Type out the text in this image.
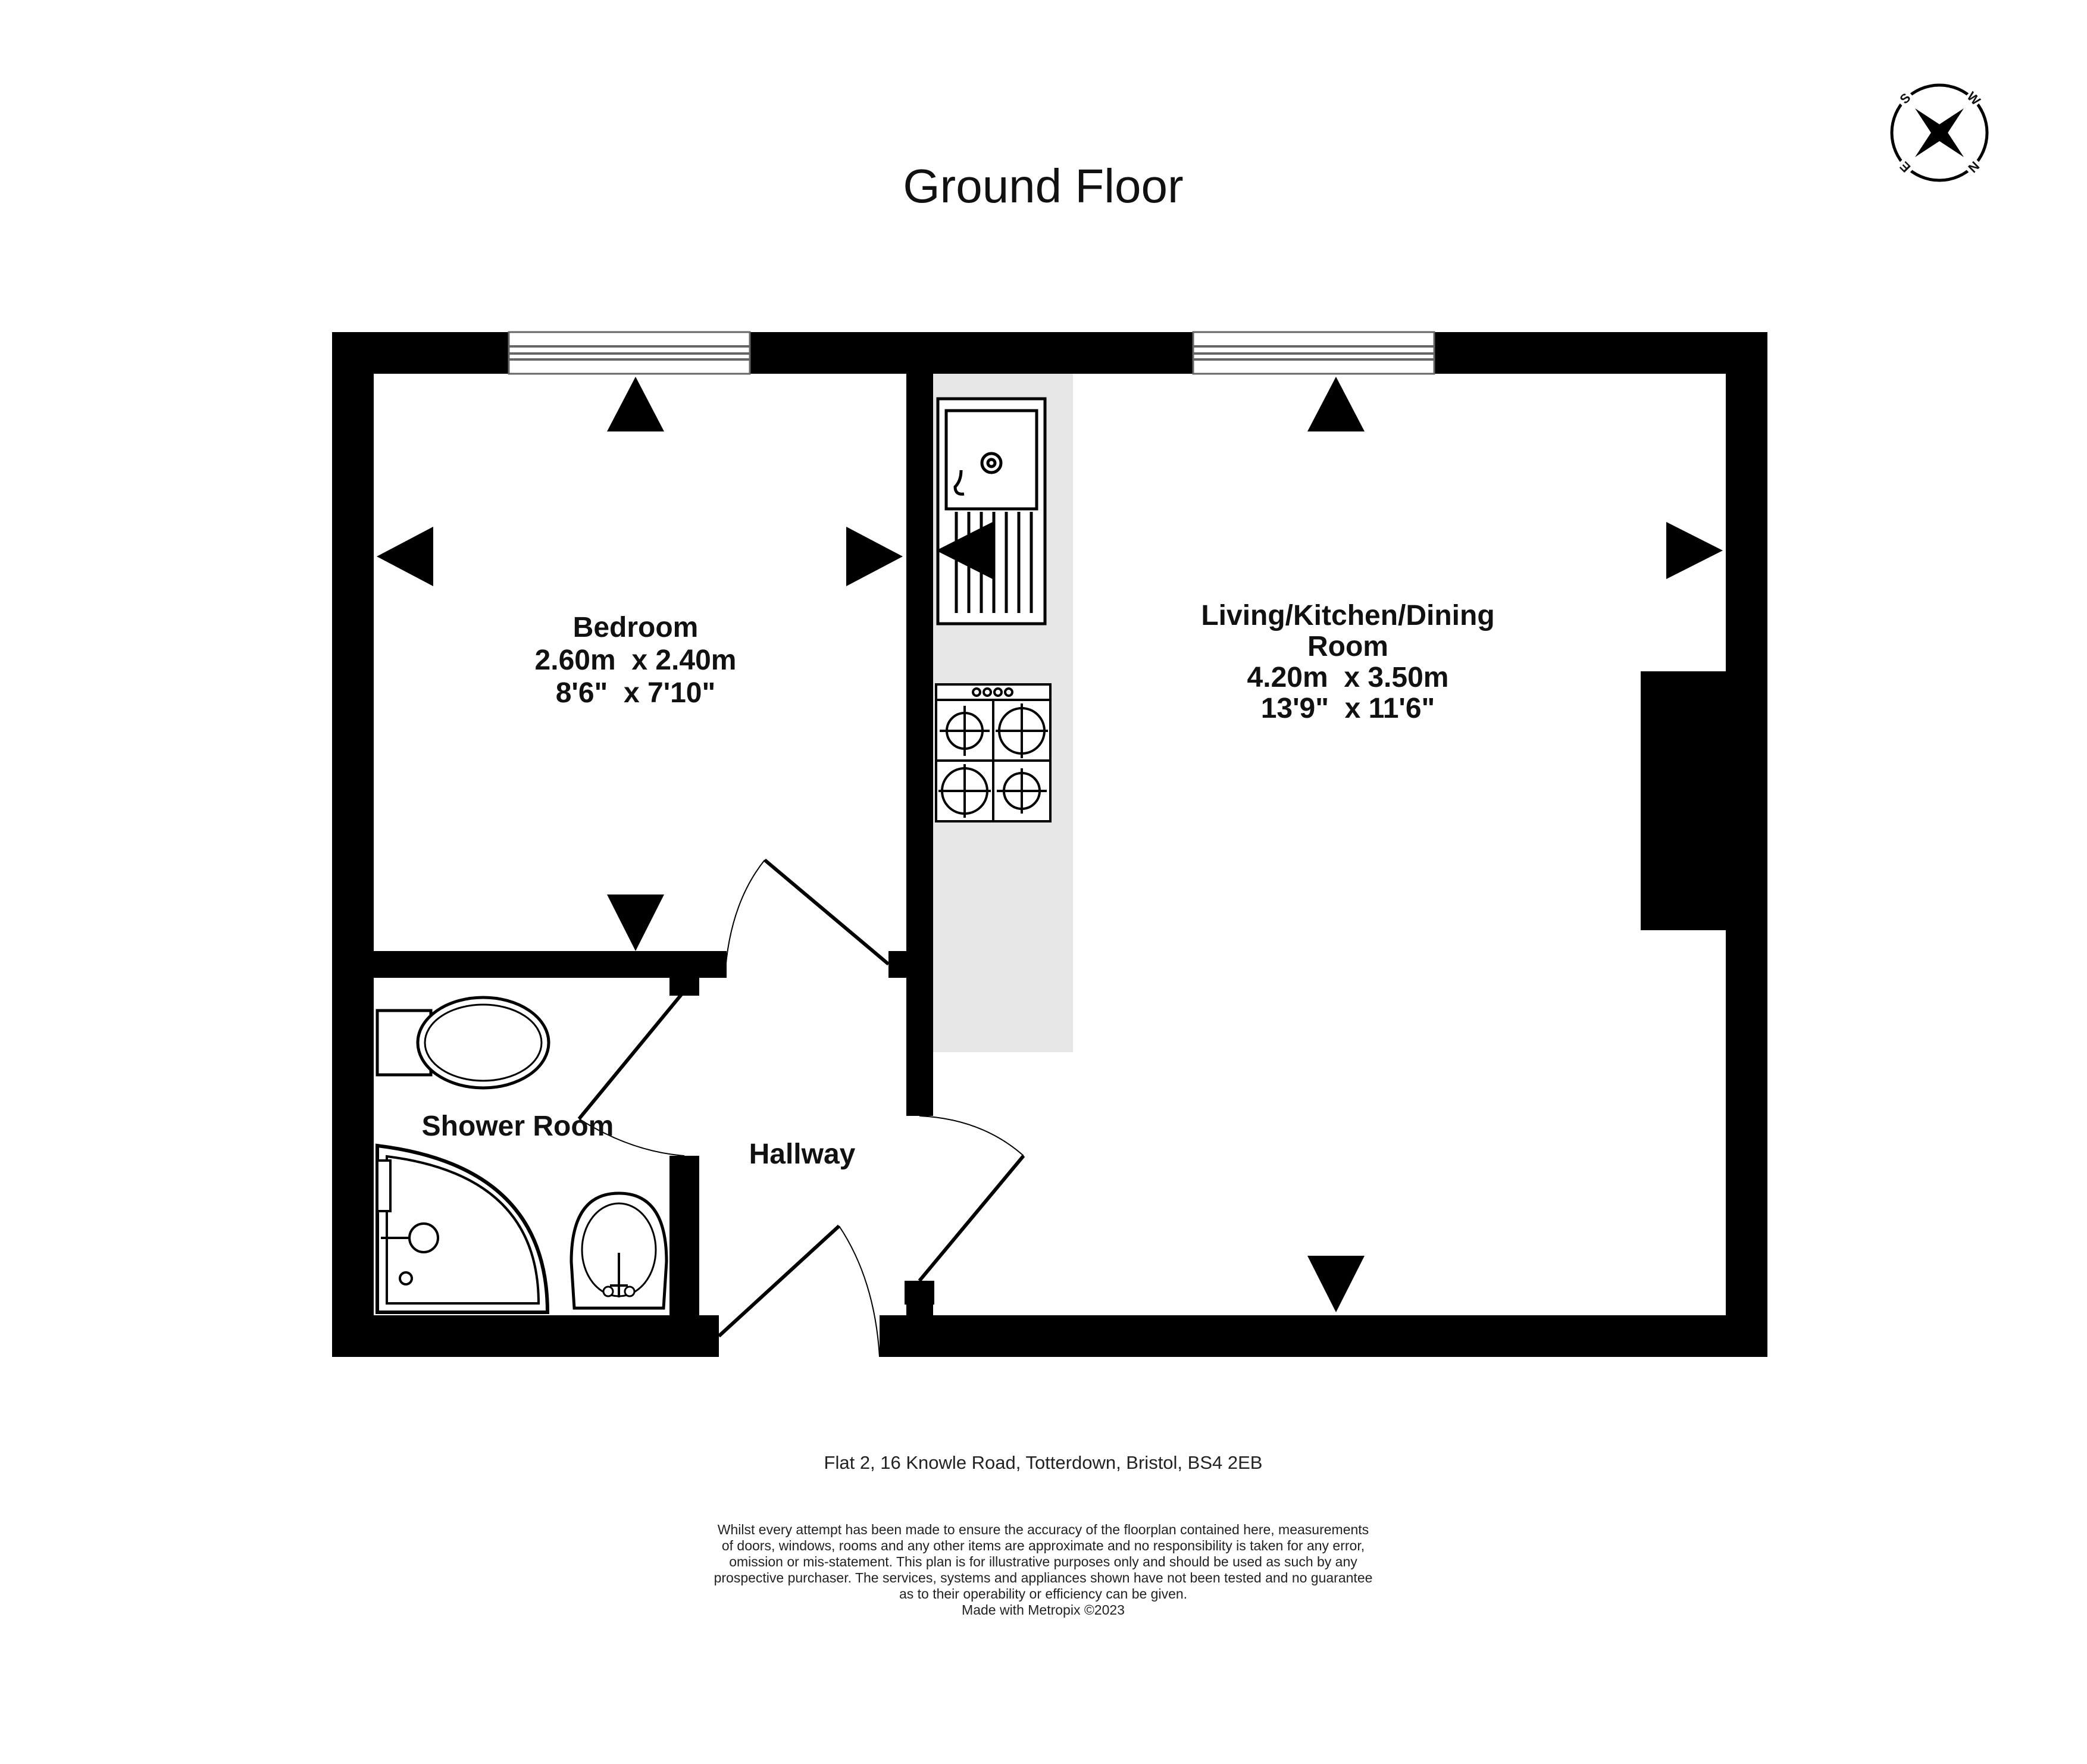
Ground Floor
S	W
N
E
Bedroom
2.60m  x 2.40m
8'6"  x 7'10"
Living/Kitchen/Dining
Room
4.20m  x 3.50m
13'9"  x 11'6"
Shower Room
Hallway
Flat 2, 16 Knowle Road, Totterdown, Bristol, BS4 2EB
Whilst every attempt has been made to ensure the accuracy of the floorplan contained here, measurements
of doors, windows, rooms and any other items are approximate and no responsibility is taken for any error,
omission or mis-statement. This plan is for illustrative purposes only and should be used as such by any
prospective purchaser. The services, systems and appliances shown have not been tested and no guarantee
as to their operability or efficiency can be given.
Made with Metropix ©2023
